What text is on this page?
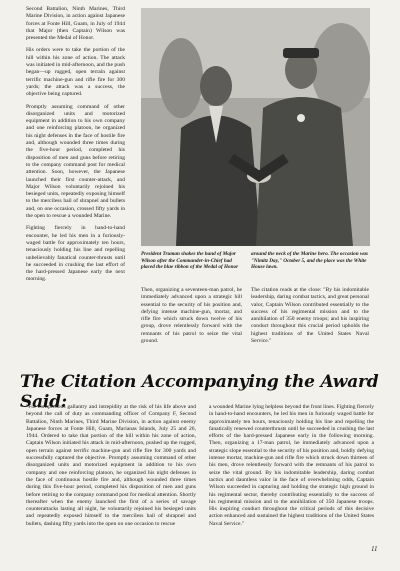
Second Battalion, Ninth Marines, Third Marine Division, in action against Japanese forces at Fonte Hill, Guam, in July of 1944 that Major (then Captain) Wilson was presented the Medal of Honor.

His orders were to take the portion of the hill within his zone of action. The attack was initiated in mid-afternoon, and the push began—up rugged, open terrain against terrific machine-gun and rifle fire for 300 yards; the attack was a success, the objective being captured.

Promptly assuming command of other disorganized units and motorized equipment in addition to his own company and one reinforcing platoon, he organized his night defenses in the face of hostile fire and, although wounded three times during the five-hour period, completed his disposition of men and guns before retiring to the company command post for medical attention. Soon, however, the Japanese launched their first counter-attack, and Major Wilson voluntarily rejoined his besieged units, repeatedly exposing himself to the merciless hail of shrapnel and bullets and, on one occasion, crossed fifty yards in the open to rescue a wounded Marine.

Fighting fiercely in hand-to-hand encounter, he led his men in a furiously-waged battle for approximately ten hours, tenaciously holding his line and repelling unbelievably fanatical counter-thrusts until he succeeded in crushing the last effort of the hard-pressed Japanese early the next morning.

President Truman shakes the hand of Major Wilson after the Commander-in-Chief had placed the blue ribbon of the Medal of Honor
around the neck of the Marine hero. The occasion was "Nimitz Day," October 5, and the place was the White House lawn.

Then, organizing a seventeen-man patrol, he immediately advanced upon a strategic hill essential to the security of his position and, defying intense machine-gun, mortar, and rifle fire which struck down twelve of his group, drove relentlessly forward with the remnants of his patrol to seize the vital ground.

The citation reads at the close: "By his indomitable leadership, daring combat tactics, and great personal valor, Captain Wilson contributed essentially to the success of his regimental mission and to the annihilation of 350 enemy troops; and his inspiring conduct throughout this crucial period upholds the highest traditions of the United States Naval Service."

The Citation Accompanying the Award Said:
"For conspicuous gallantry and intrepidity at the risk of his life above and beyond the call of duty as commanding officer of Company F, Second Battalion, Ninth Marines, Third Marine Division, in action against enemy Japanese forces at Fonte Hill, Guam, Marianas Islands, July 25 and 26, 1944. Ordered to take that portion of the hill within his zone of action, Captain Wilson initiated his attack in mid-afternoon, pushed up the rugged, open terrain against terrific machine-gun and rifle fire for 300 yards and successfully captured the objective. Promptly assuming command of other disorganized units and motorized equipment in addition to his own company and one reinforcing platoon, he organized his night defenses in the face of continuous hostile fire and, although wounded three times during this five-hour period, completed his disposition of men and guns before retiring to the company command post for medical attention. Shortly thereafter when the enemy launched the first of a series of savage counterattacks lasting all night, he voluntarily rejoined his besieged units and repeatedly exposed himself to the merciless hail of shrapnel and bullets, dashing fifty yards into the open on one occasion to rescue
a wounded Marine lying helpless beyond the front lines. Fighting fiercely in hand-to-hand encounters, he led his men in furiously waged battle for approximately ten hours, tenaciously holding his line and repelling the fanatically renewed counterthrusts until he succeeded in crushing the last efforts of the hard-pressed Japanese early in the following morning. Then, organizing a 17-man patrol, he immediately advanced upon a strategic slope essential to the security of his position and, boldly defying intense mortar, machine-gun and rifle fire which struck down thirteen of his men, drove relentlessly forward with the remnants of his patrol to seize the vital ground. By his indomitable leadership, daring combat tactics and dauntless valor in the face of overwhelming odds, Captain Wilson succeeded in capturing and holding the strategic high ground in his regimental sector, thereby contributing essentially to the success of his regimental mission and to the annihilation of 350 Japanese troops. His inspiring conduct throughout the critical periods of this decisive action enhanced and sustained the highest traditions of the United States Naval Service."
11
